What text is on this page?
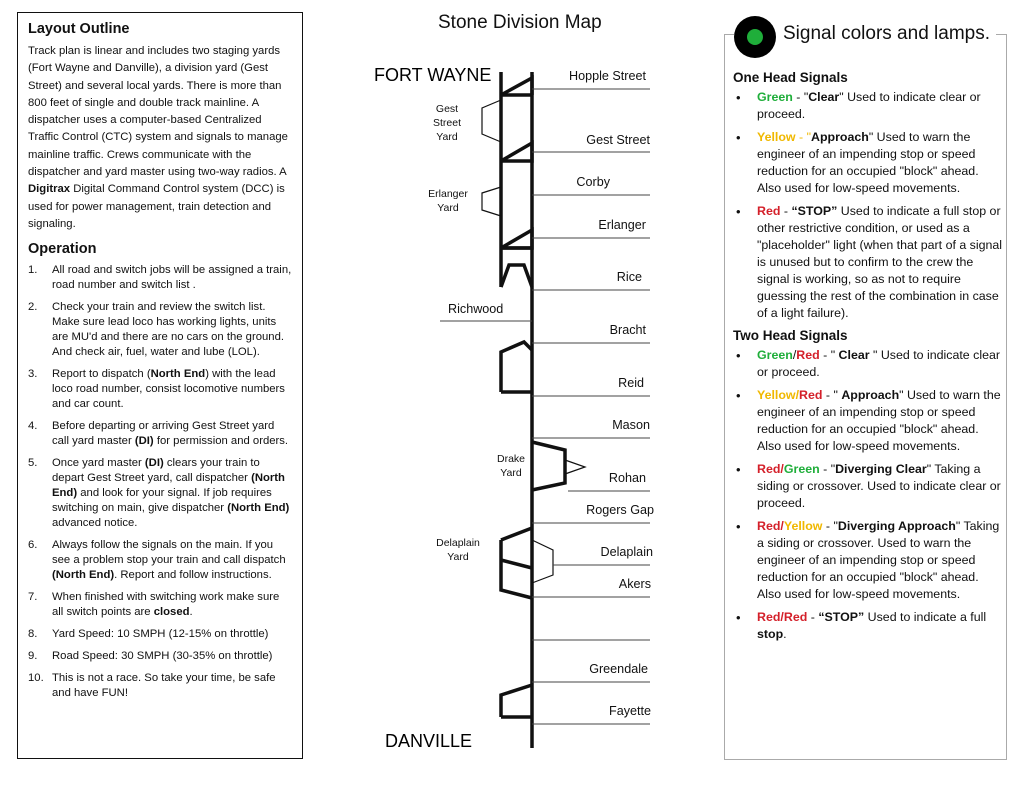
Layout Outline

Track plan is linear and includes two staging yards (Fort Wayne and Danville), a division yard (Gest Street) and several local yards. There is more than 800 feet of single and double track mainline. A dispatcher uses a computer-based Centralized Traffic Control (CTC) system and signals to manage mainline traffic. Crews communicate with the dispatcher and yard master using two-way radios. A Digitrax Digital Command Control system (DCC) is used for power management, train detection and signaling.

Operation
1.	All road and switch jobs will be assigned a train, road number and switch list .
2.	Check your train and review the switch list. Make sure lead loco has working lights, units are MU'd and there are no cars on the ground. And check air, fuel, water and lube (LOL).
3.	Report to dispatch (North End) with the lead loco road number, consist locomotive numbers and car count.
4.	Before departing or arriving Gest Street yard call yard master (DI) for permission and orders.
5.	Once yard master (DI) clears your train to depart Gest Street yard, call dispatcher (North End) and look for your signal. If job requires switching on main, give dispatcher (North End) advanced notice.
6.	Always follow the signals on the main. If you see a problem stop your train and call dispatch (North End). Report and follow instructions.
7.	When finished with switching work make sure all switch points are closed.
8.	Yard Speed: 10 SMPH (12-15% on throttle)
9.	Road Speed: 30 SMPH (30-35% on throttle)
10. This is not a race. So take your time, be safe and have FUN!
Stone Division Map
FORT WAYNE
DANVILLE
Hopple Street
Gest Street
Corby
Erlanger
Rice
Richwood
Bracht
Reid
Mason
Rohan
Rogers Gap
Delaplain
Akers
Greendale
Fayette
Gest
Street
Yard
Erlanger
Yard
Drake
Yard
Delaplain
Yard
Signal colors and lamps.
One Head Signals
• Green - "Clear" Used to indicate clear or proceed.
• Yellow - "Approach" Used to warn the engineer of an impending stop or speed reduction for an occupied "block" ahead. Also used for low-speed movements.
• Red - “STOP” Used to indicate a full stop or other restrictive condition, or used as a "placeholder" light (when that part of a signal is unused but to confirm to the crew the signal is working, so as not to require guessing the rest of the combination in case of a light failure).
Two Head Signals
• Green/Red - " Clear " Used to indicate clear or proceed.
• Yellow/Red - " Approach" Used to warn the engineer of an impending stop or speed reduction for an occupied "block" ahead. Also used for low-speed movements.
• Red/Green - "Diverging Clear" Taking a siding or crossover. Used to indicate clear or proceed.
• Red/Yellow - "Diverging Approach" Taking a siding or crossover. Used to warn the engineer of an impending stop or speed reduction for an occupied "block" ahead. Also used for low-speed movements.
• Red/Red - “STOP” Used to indicate a full stop.
